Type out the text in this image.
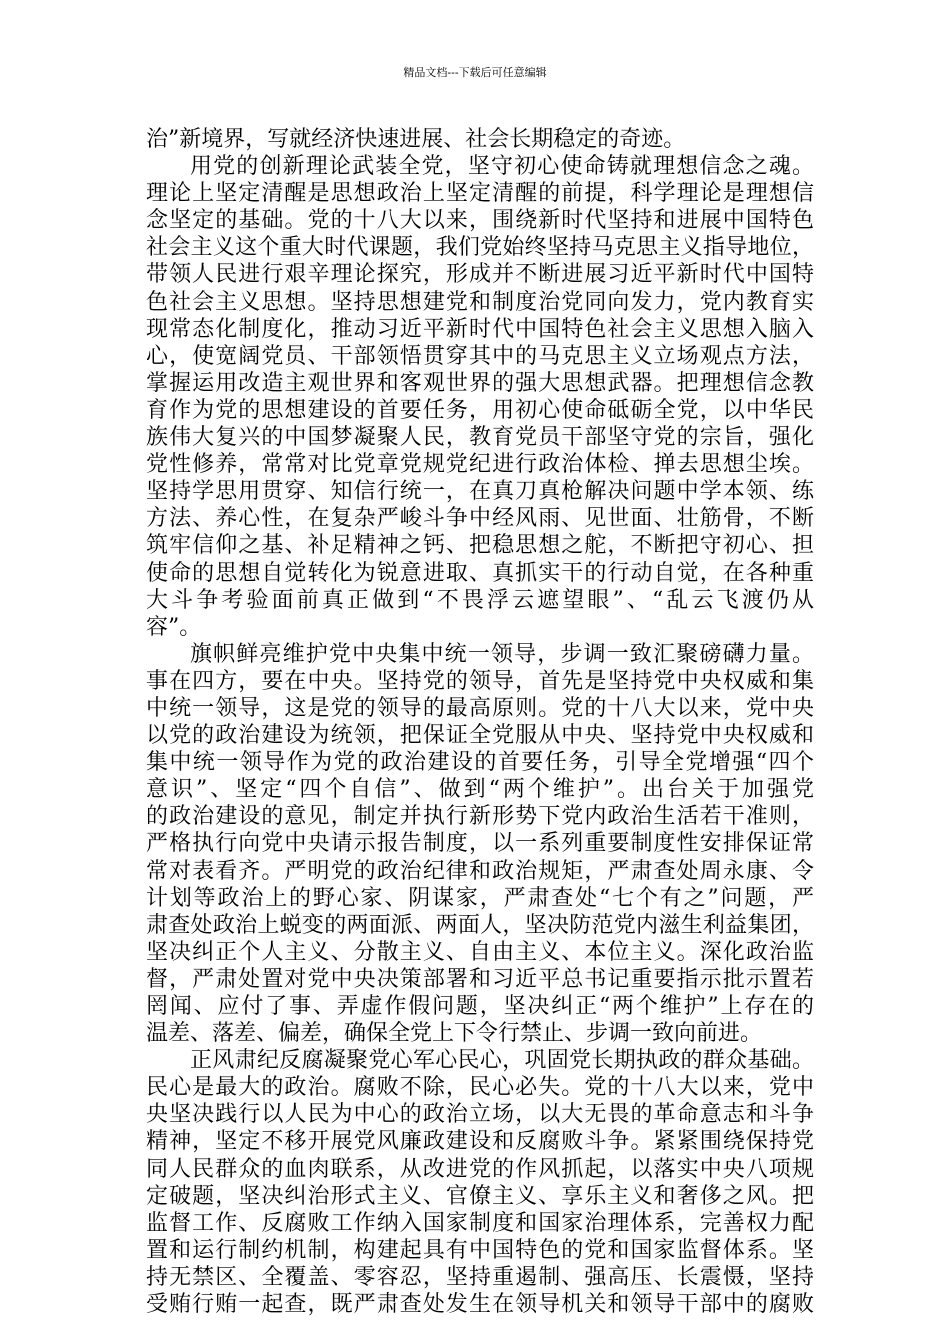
精品文档---下载后可任意编辑
治”新境界，写就经济快速进展、社会长期稳定的奇迹。
用党的创新理论武装全党，坚守初心使命铸就理想信念之魂。
理论上坚定清醒是思想政治上坚定清醒的前提，科学理论是理想信
念坚定的基础。党的十八大以来，围绕新时代坚持和进展中国特色
社会主义这个重大时代课题，我们党始终坚持马克思主义指导地位，
带领人民进行艰辛理论探究，形成并不断进展习近平新时代中国特
色社会主义思想。坚持思想建党和制度治党同向发力，党内教育实
现常态化制度化，推动习近平新时代中国特色社会主义思想入脑入
心，使宽阔党员、干部领悟贯穿其中的马克思主义立场观点方法，
掌握运用改造主观世界和客观世界的强大思想武器。把理想信念教
育作为党的思想建设的首要任务，用初心使命砥砺全党，以中华民
族伟大复兴的中国梦凝聚人民，教育党员干部坚守党的宗旨，强化
党性修养，常常对比党章党规党纪进行政治体检、掸去思想尘埃。
坚持学思用贯穿、知信行统一，在真刀真枪解决问题中学本领、练
方法、养心性，在复杂严峻斗争中经风雨、见世面、壮筋骨，不断
筑牢信仰之基、补足精神之钙、把稳思想之舵，不断把守初心、担
使命的思想自觉转化为锐意进取、真抓实干的行动自觉，在各种重
大斗争考验面前真正做到“不畏浮云遮望眼”、“乱云飞渡仍从
容”。
旗帜鲜亮维护党中央集中统一领导，步调一致汇聚磅礴力量。
事在四方，要在中央。坚持党的领导，首先是坚持党中央权威和集
中统一领导，这是党的领导的最高原则。党的十八大以来，党中央
以党的政治建设为统领，把保证全党服从中央、坚持党中央权威和
集中统一领导作为党的政治建设的首要任务，引导全党增强“四个
意识”、坚定“四个自信”、做到“两个维护”。出台关于加强党
的政治建设的意见，制定并执行新形势下党内政治生活若干准则，
严格执行向党中央请示报告制度，以一系列重要制度性安排保证常
常对表看齐。严明党的政治纪律和政治规矩，严肃查处周永康、令
计划等政治上的野心家、阴谋家，严肃查处“七个有之”问题，严
肃查处政治上蜕变的两面派、两面人，坚决防范党内滋生利益集团，
坚决纠正个人主义、分散主义、自由主义、本位主义。深化政治监
督，严肃处置对党中央决策部署和习近平总书记重要指示批示置若
罔闻、应付了事、弄虚作假问题，坚决纠正“两个维护”上存在的
温差、落差、偏差，确保全党上下令行禁止、步调一致向前进。
正风肃纪反腐凝聚党心军心民心，巩固党长期执政的群众基础。
民心是最大的政治。腐败不除，民心必失。党的十八大以来，党中
央坚决践行以人民为中心的政治立场，以大无畏的革命意志和斗争
精神，坚定不移开展党风廉政建设和反腐败斗争。紧紧围绕保持党
同人民群众的血肉联系，从改进党的作风抓起，以落实中央八项规
定破题，坚决纠治形式主义、官僚主义、享乐主义和奢侈之风。把
监督工作、反腐败工作纳入国家制度和国家治理体系，完善权力配
置和运行制约机制，构建起具有中国特色的党和国家监督体系。坚
持无禁区、全覆盖、零容忍，坚持重遏制、强高压、长震慑，坚持
受贿行贿一起查，既严肃查处发生在领导机关和领导干部中的腐败
